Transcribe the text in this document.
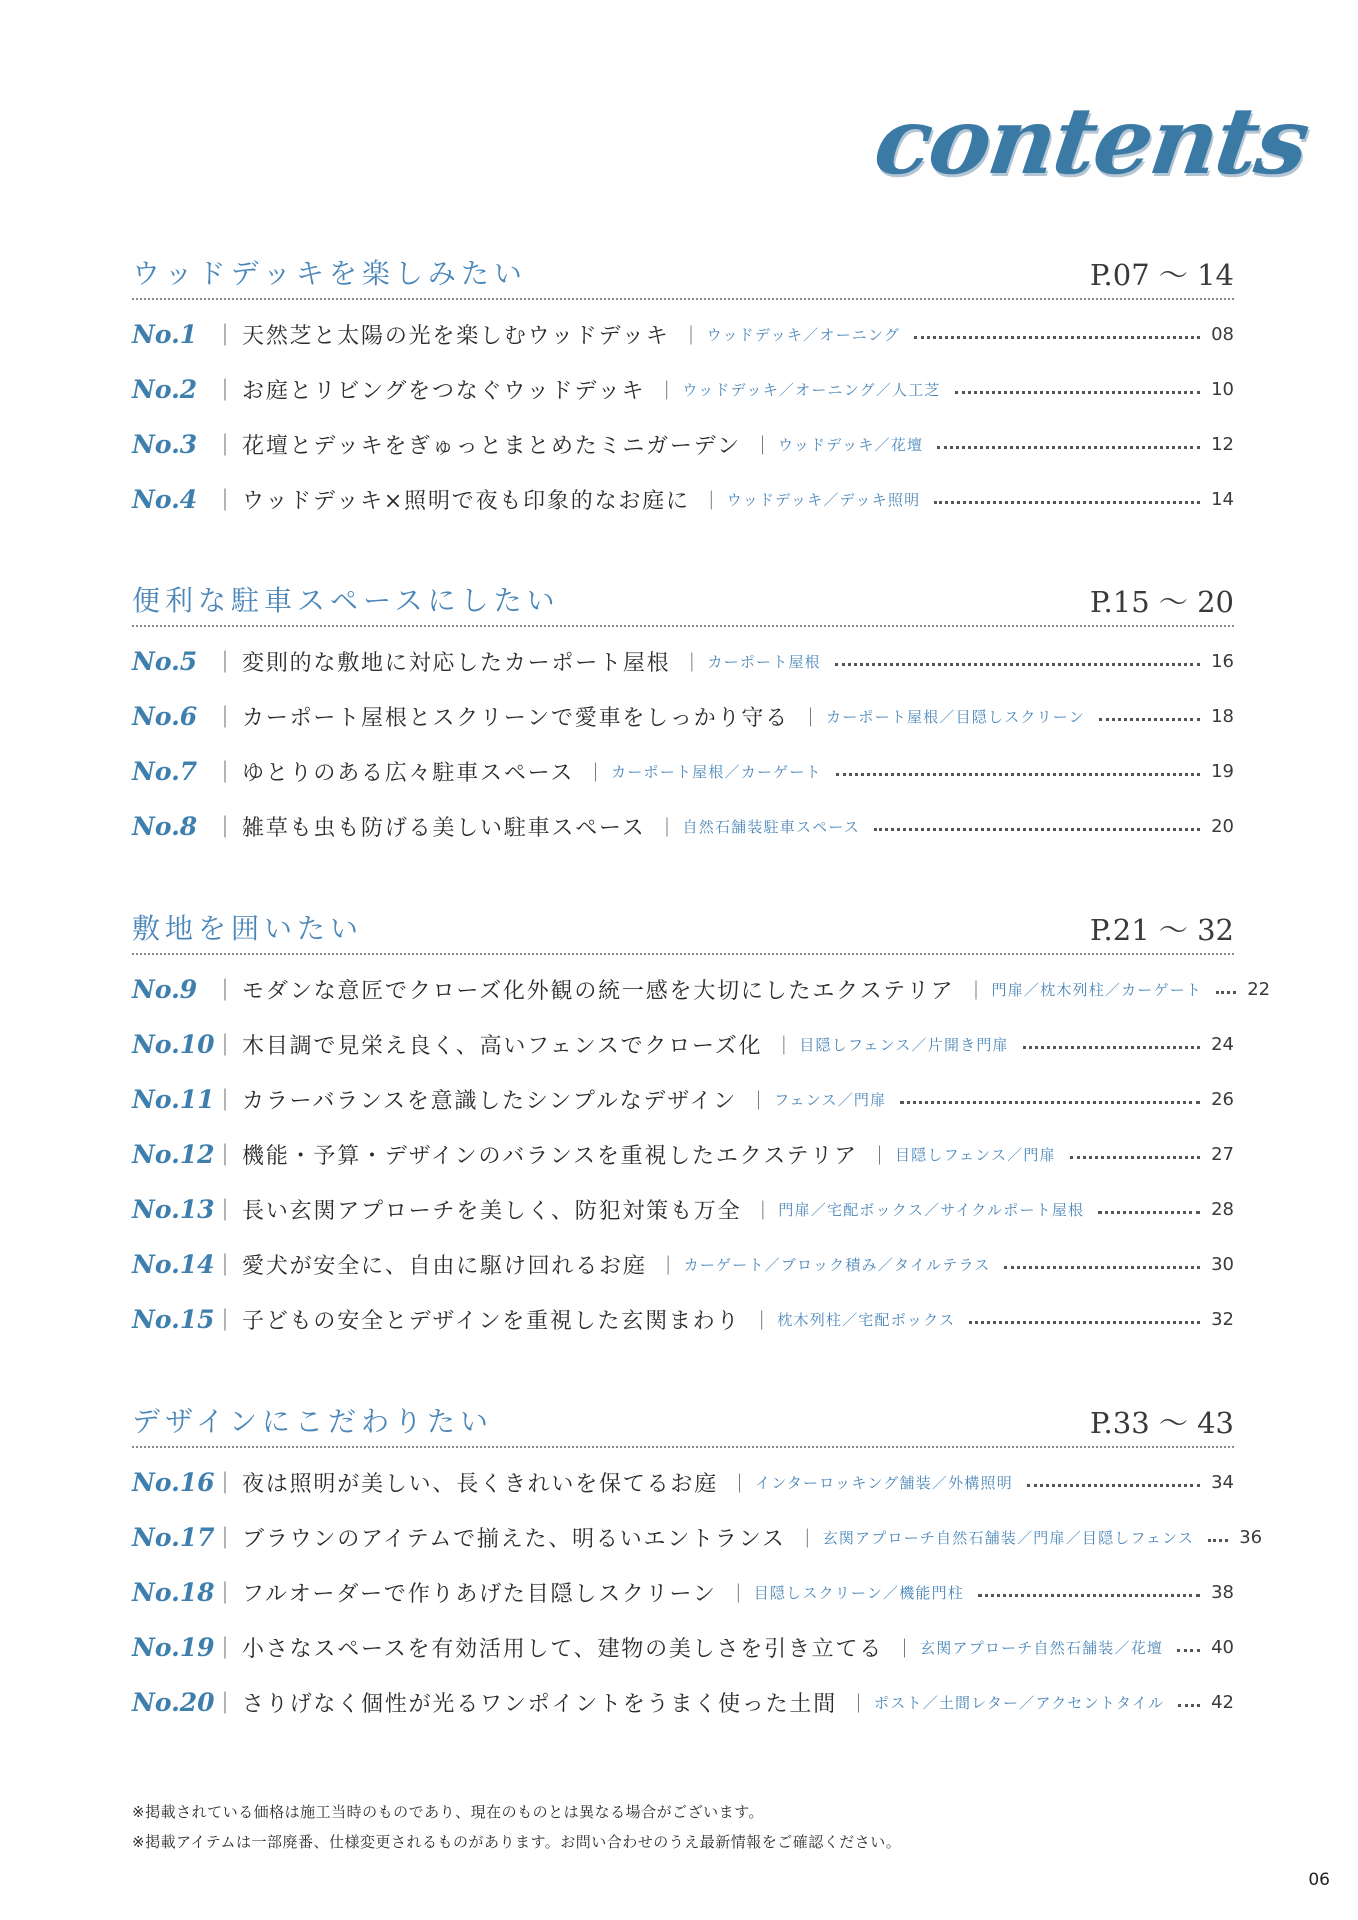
contents
ウッドデッキを楽しみたい	P.07 ～ 14
No.1 ｜ 天然芝と太陽の光を楽しむウッドデッキ ｜ ウッドデッキ／オーニング	08
No.2 ｜ お庭とリビングをつなぐウッドデッキ ｜ ウッドデッキ／オーニング／人工芝	10
No.3 ｜ 花壇とデッキをぎゅっとまとめたミニガーデン ｜ ウッドデッキ／花壇	12
No.4 ｜ ウッドデッキ×照明で夜も印象的なお庭に ｜ ウッドデッキ／デッキ照明	14
便利な駐車スペースにしたい	P.15 ～ 20
No.5 ｜ 変則的な敷地に対応したカーポート屋根 ｜ カーポート屋根	16
No.6 ｜ カーポート屋根とスクリーンで愛車をしっかり守る ｜ カーポート屋根／目隠しスクリーン	18
No.7 ｜ ゆとりのある広々駐車スペース ｜ カーポート屋根／カーゲート	19
No.8 ｜ 雑草も虫も防げる美しい駐車スペース ｜ 自然石舗装駐車スペース	20
敷地を囲いたい	P.21 ～ 32
No.9 ｜ モダンな意匠でクローズ化外観の統一感を大切にしたエクステリア ｜ 門扉／枕木列柱／カーゲート	22
No.10 ｜ 木目調で見栄え良く、高いフェンスでクローズ化 ｜ 目隠しフェンス／片開き門扉	24
No.11 ｜ カラーバランスを意識したシンプルなデザイン ｜ フェンス／門扉	26
No.12 ｜ 機能・予算・デザインのバランスを重視したエクステリア ｜ 目隠しフェンス／門扉	27
No.13 ｜ 長い玄関アプローチを美しく、防犯対策も万全 ｜ 門扉／宅配ボックス／サイクルポート屋根	28
No.14 ｜ 愛犬が安全に、自由に駆け回れるお庭 ｜ カーゲート／ブロック積み／タイルテラス	30
No.15 ｜ 子どもの安全とデザインを重視した玄関まわり ｜ 枕木列柱／宅配ボックス	32
デザインにこだわりたい	P.33 ～ 43
No.16 ｜ 夜は照明が美しい、長くきれいを保てるお庭 ｜ インターロッキング舗装／外構照明	34
No.17 ｜ ブラウンのアイテムで揃えた、明るいエントランス ｜ 玄関アプローチ自然石舗装／門扉／目隠しフェンス	36
No.18 ｜ フルオーダーで作りあげた目隠しスクリーン ｜ 目隠しスクリーン／機能門柱	38
No.19 ｜ 小さなスペースを有効活用して、建物の美しさを引き立てる ｜ 玄関アプローチ自然石舗装／花壇	40
No.20 ｜ さりげなく個性が光るワンポイントをうまく使った土間 ｜ ポスト／土間レター／アクセントタイル	42
※掲載されている価格は施工当時のものであり、現在のものとは異なる場合がございます。
※掲載アイテムは一部廃番、仕様変更されるものがあります。お問い合わせのうえ最新情報をご確認ください。
06
